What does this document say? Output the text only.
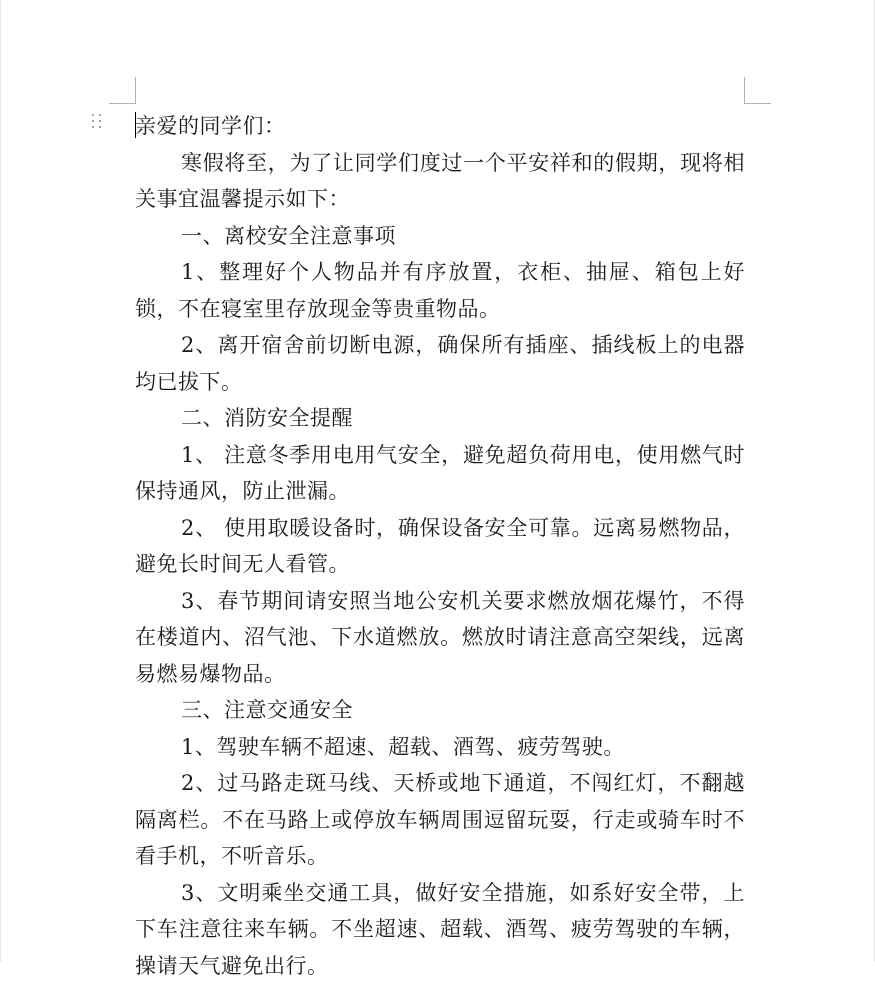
亲爱的同学们：

寒假将至，为了让同学们度过一个平安祥和的假期，现将相关事宜温馨提示如下：

一、离校安全注意事项

1、整理好个人物品并有序放置，衣柜、抽屉、箱包上好锁，不在寝室里存放现金等贵重物品。

2、离开宿舍前切断电源，确保所有插座、插线板上的电器均已拔下。

二、消防安全提醒

1、 注意冬季用电用气安全，避免超负荷用电，使用燃气时保持通风，防止泄漏。

2、 使用取暖设备时，确保设备安全可靠。远离易燃物品，避免长时间无人看管。

3、春节期间请安照当地公安机关要求燃放烟花爆竹，不得在楼道内、沼气池、下水道燃放。燃放时请注意高空架线，远离易燃易爆物品。

三、注意交通安全

1、驾驶车辆不超速、超载、酒驾、疲劳驾驶。

2、过马路走斑马线、天桥或地下通道，不闯红灯，不翻越隔离栏。不在马路上或停放车辆周围逗留玩耍，行走或骑车时不看手机，不听音乐。

3、文明乘坐交通工具，做好安全措施，如系好安全带，上下车注意往来车辆。不坐超速、超载、酒驾、疲劳驾驶的车辆，操请天气避免出行。
